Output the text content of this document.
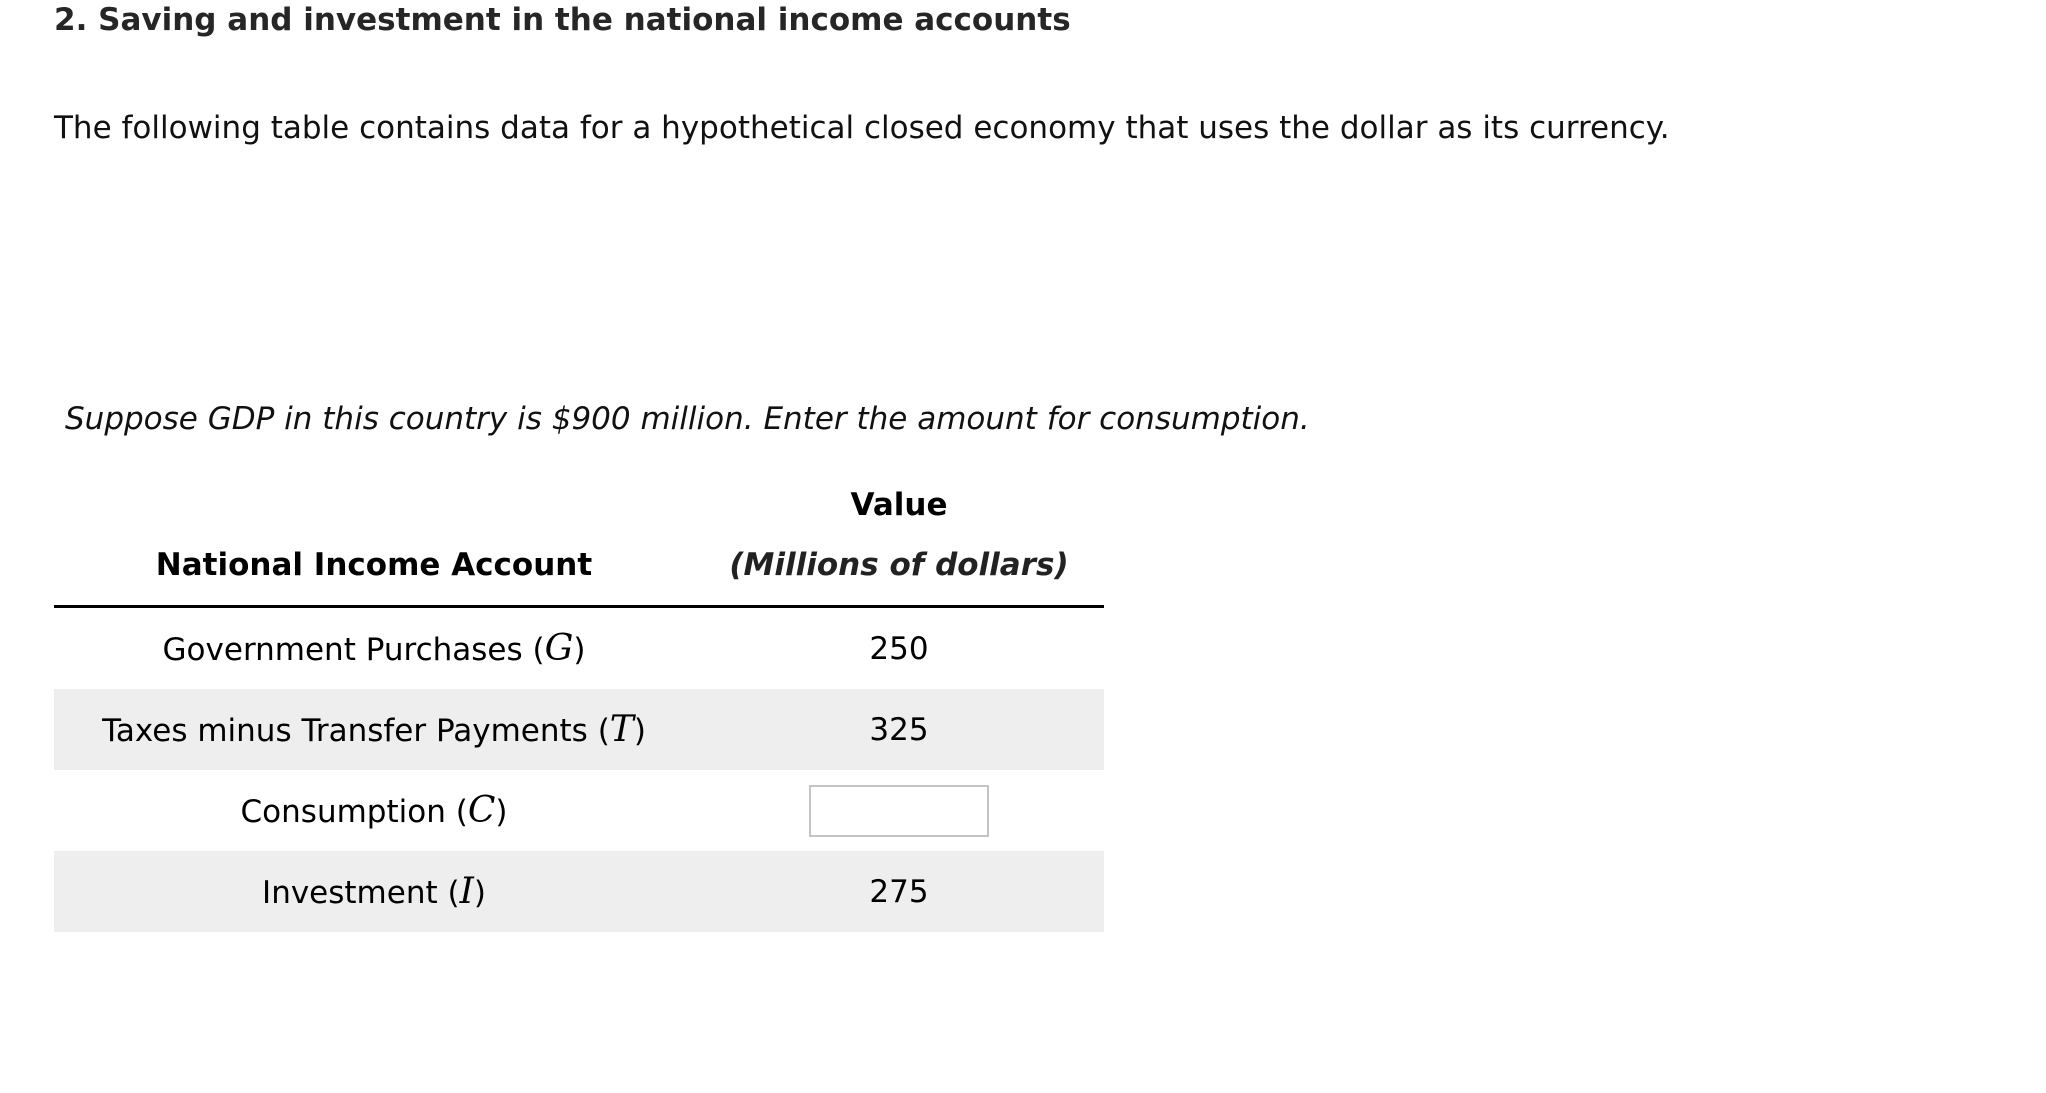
2. Saving and investment in the national income accounts

The following table contains data for a hypothetical closed economy that uses the dollar as its currency.

Suppose GDP in this country is $900 million. Enter the amount for consumption.

National Income Account
Value
(Millions of dollars)
Government Purchases (G)	250
Taxes minus Transfer Payments (T)	325
Consumption (C)
Investment (I)	275
